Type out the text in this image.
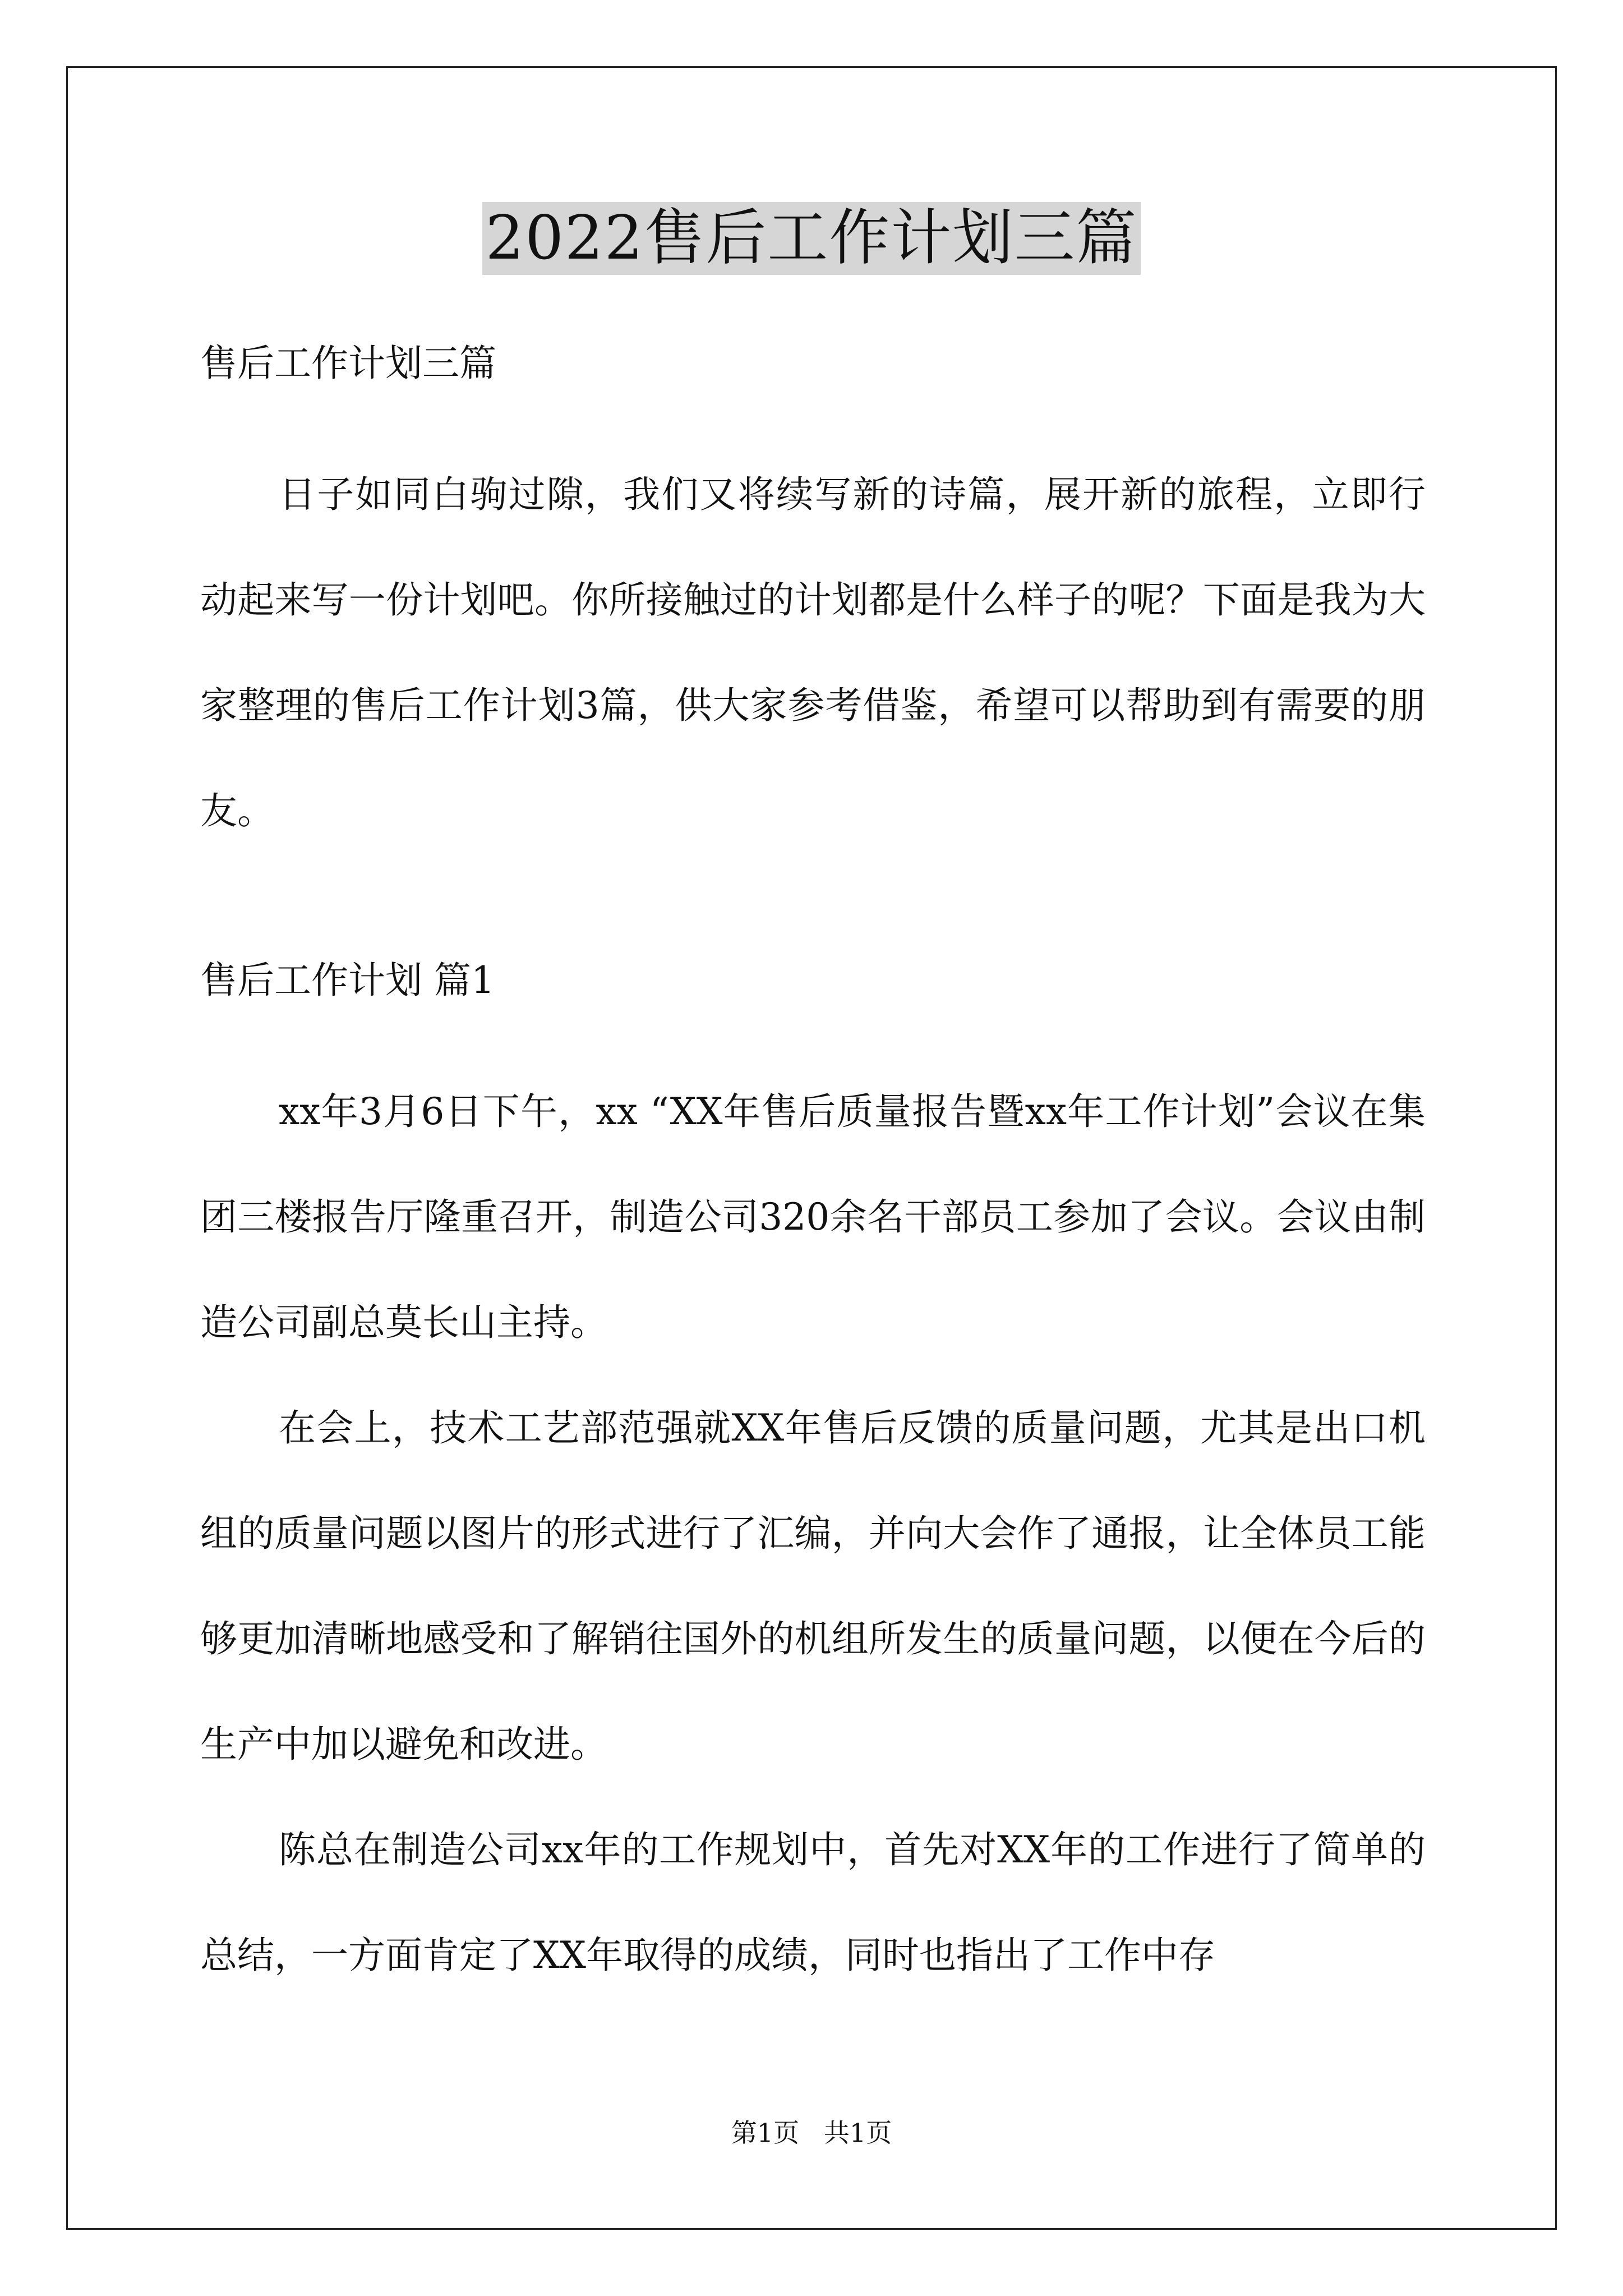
2022售后工作计划三篇

售后工作计划三篇

日子如同白驹过隙，我们又将续写新的诗篇，展开新的旅程，立即行动起来写一份计划吧。你所接触过的计划都是什么样子的呢？下面是我为大家整理的售后工作计划3篇，供大家参考借鉴，希望可以帮助到有需要的朋友。

售后工作计划 篇1

xx年3月6日下午，xx “XX年售后质量报告暨xx年工作计划”会议在集团三楼报告厅隆重召开，制造公司320余名干部员工参加了会议。会议由制造公司副总莫长山主持。

在会上，技术工艺部范强就XX年售后反馈的质量问题，尤其是出口机组的质量问题以图片的形式进行了汇编，并向大会作了通报，让全体员工能够更加清晰地感受和了解销往国外的机组所发生的质量问题，以便在今后的生产中加以避免和改进。

陈总在制造公司xx年的工作规划中，首先对XX年的工作进行了简单的总结，一方面肯定了XX年取得的成绩，同时也指出了工作中存

第1页   共1页
